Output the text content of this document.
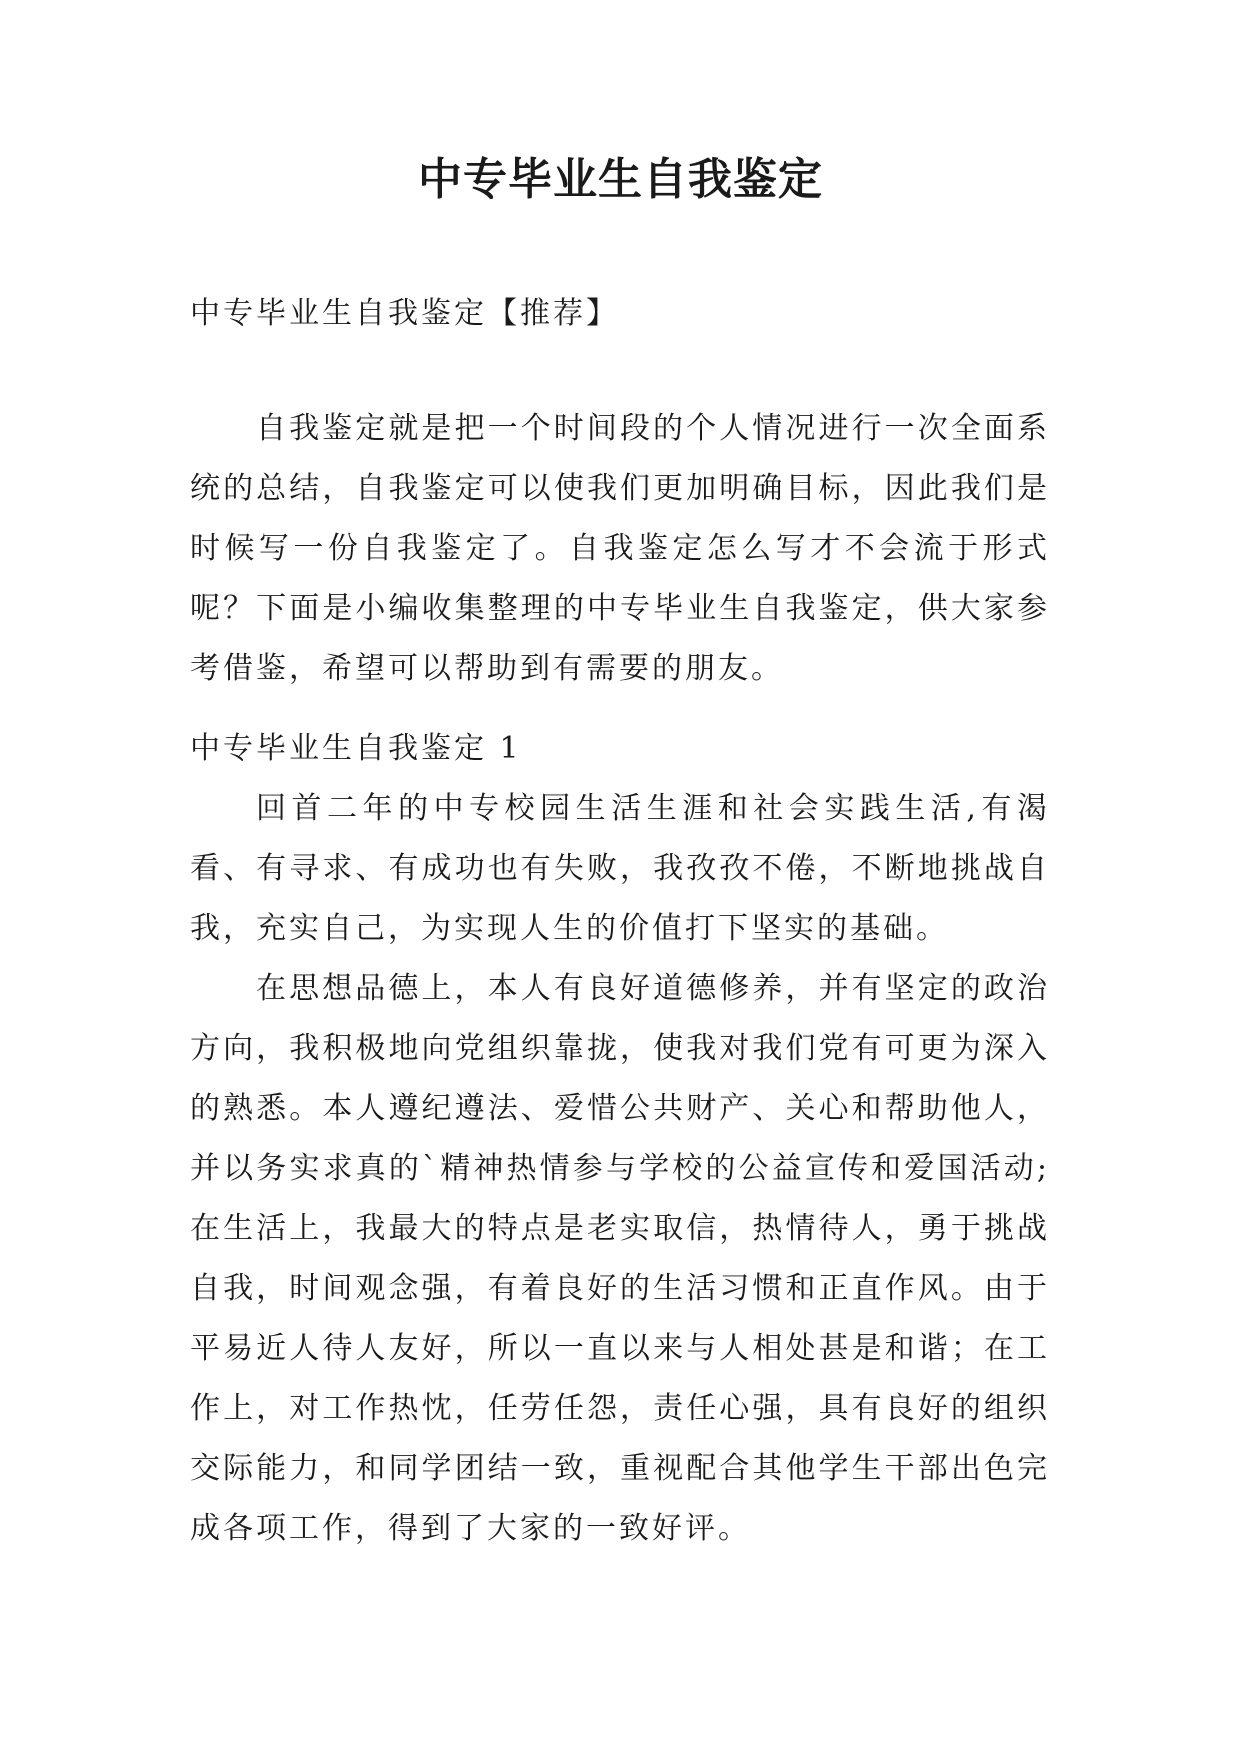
中专毕业生自我鉴定

中专毕业生自我鉴定【推荐】

自我鉴定就是把一个时间段的个人情况进行一次全面系统的总结，自我鉴定可以使我们更加明确目标，因此我们是时候写一份自我鉴定了。自我鉴定怎么写才不会流于形式呢？下面是小编收集整理的中专毕业生自我鉴定，供大家参考借鉴，希望可以帮助到有需要的朋友。

中专毕业生自我鉴定 1

回首二年的中专校园生活生涯和社会实践生活,有渴看、有寻求、有成功也有失败，我孜孜不倦，不断地挑战自我，充实自己，为实现人生的价值打下坚实的基础。

在思想品德上，本人有良好道德修养，并有坚定的政治方向，我积极地向党组织靠拢，使我对我们党有可更为深入的熟悉。本人遵纪遵法、爱惜公共财产、关心和帮助他人，并以务实求真的`精神热情参与学校的公益宣传和爱国活动;在生活上，我最大的特点是老实取信，热情待人，勇于挑战自我，时间观念强，有着良好的生活习惯和正直作风。由于平易近人待人友好，所以一直以来与人相处甚是和谐；在工作上，对工作热忱，任劳任怨，责任心强，具有良好的组织交际能力，和同学团结一致，重视配合其他学生干部出色完成各项工作，得到了大家的一致好评。
